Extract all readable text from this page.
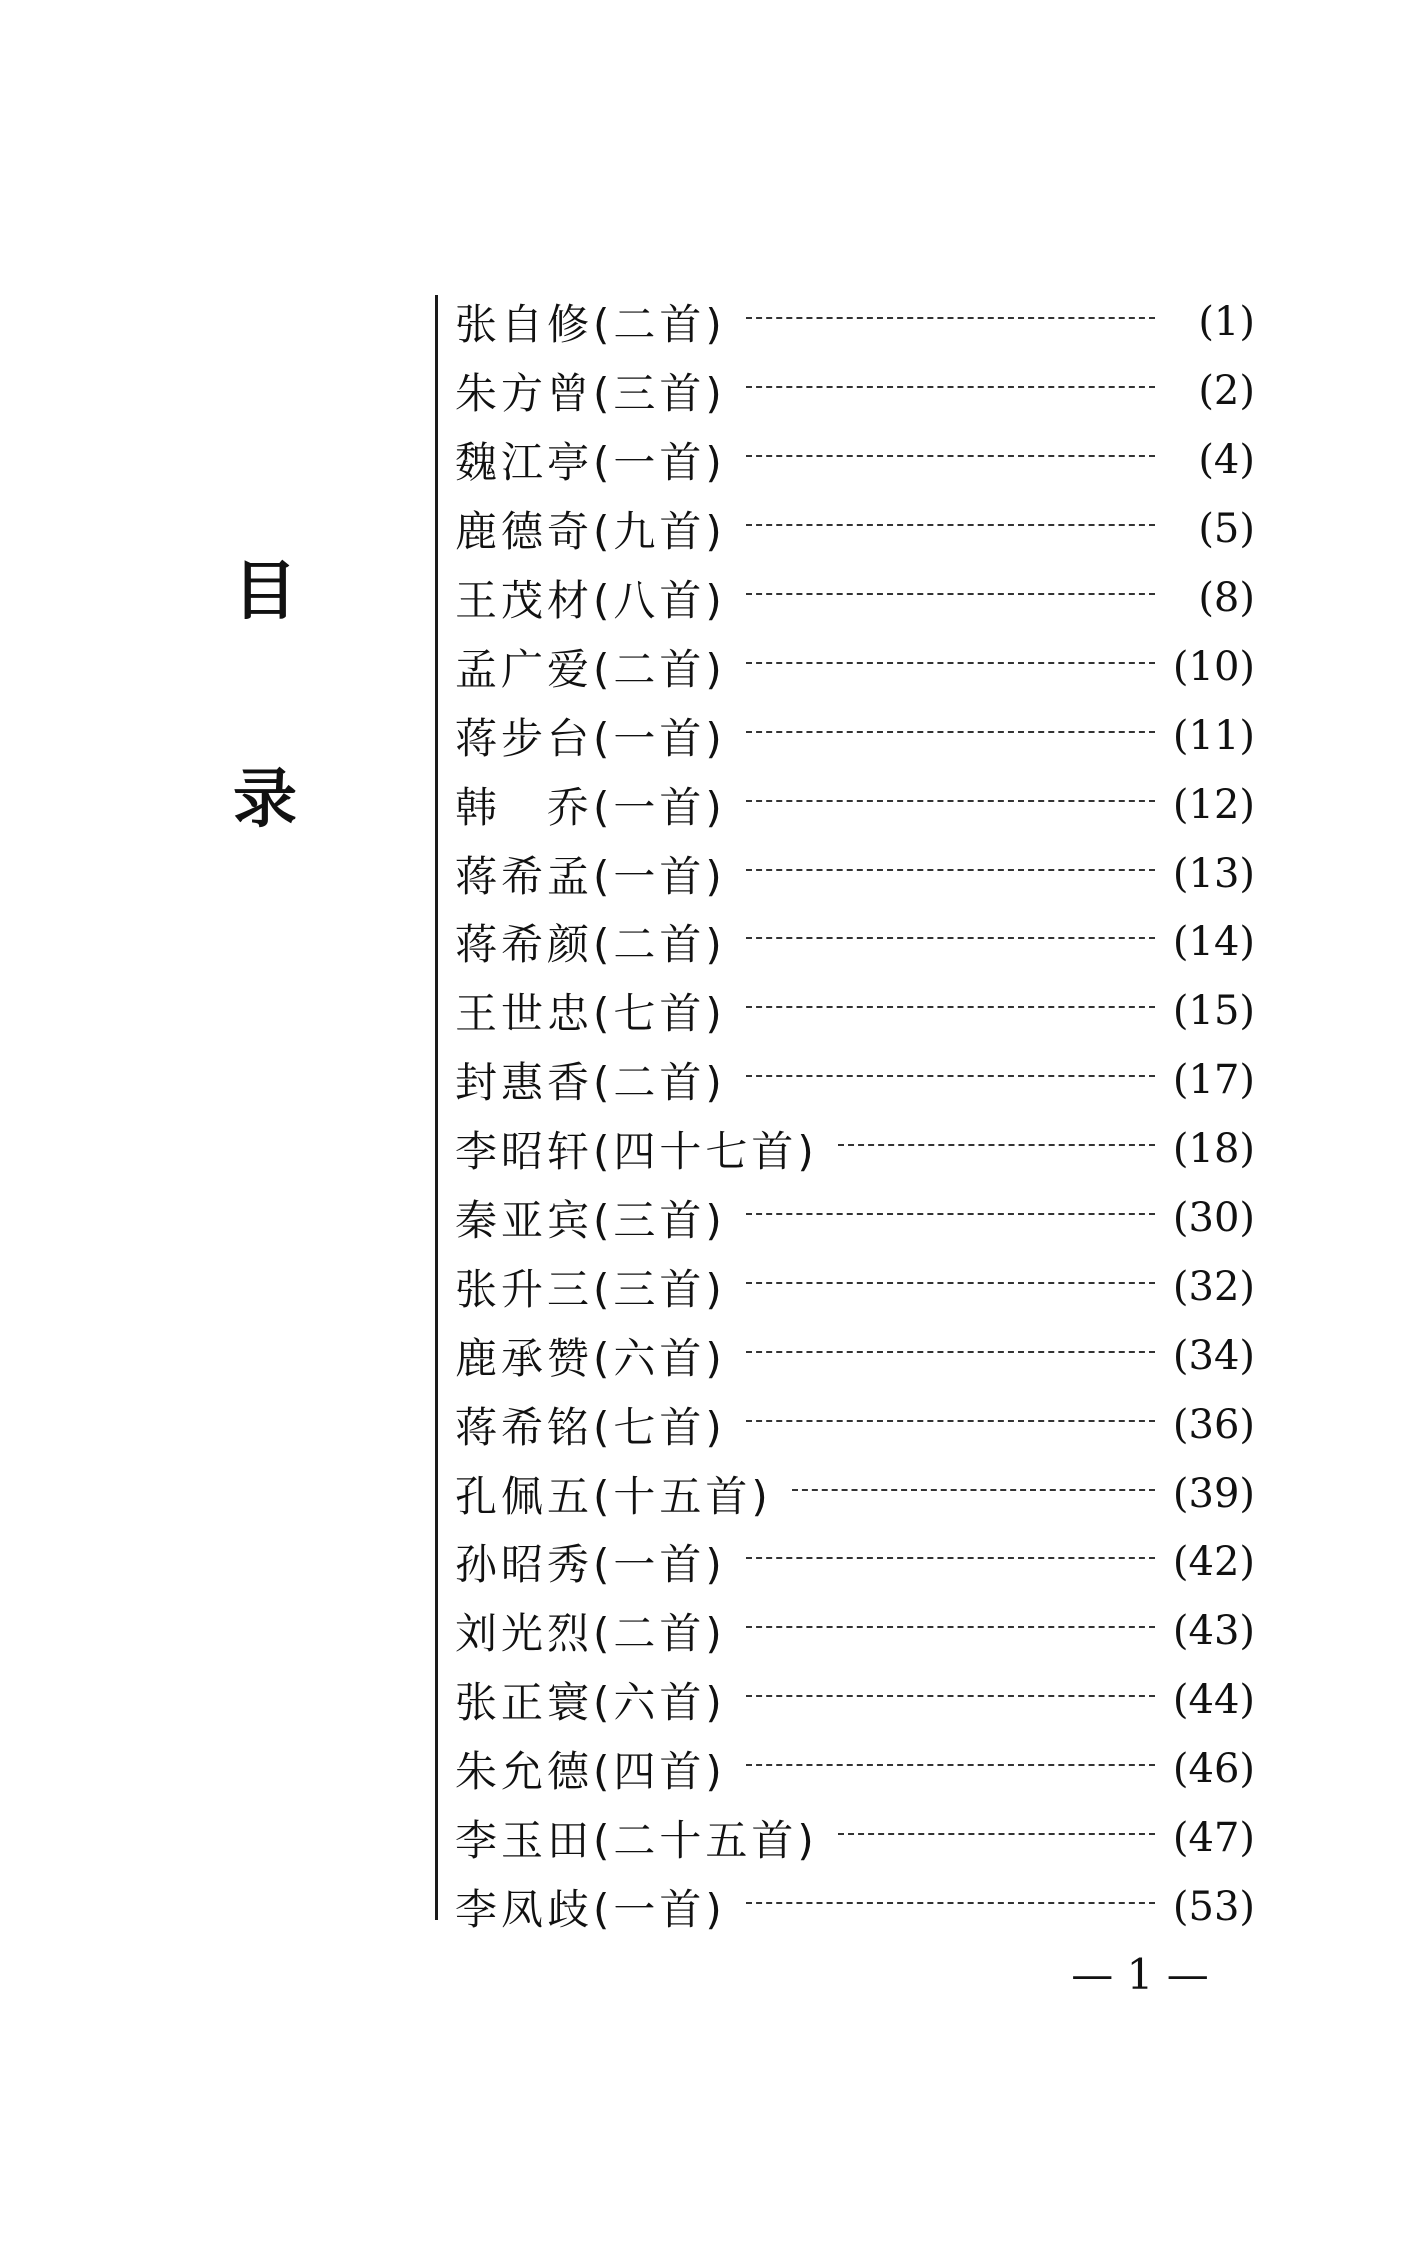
目
录
张自修(二首)	(1)
朱方曾(三首)	(2)
魏江亭(一首)	(4)
鹿德奇(九首)	(5)
王茂材(八首)	(8)
孟广爱(二首)	(10)
蒋步台(一首)	(11)
韩　乔(一首)	(12)
蒋希孟(一首)	(13)
蒋希颜(二首)	(14)
王世忠(七首)	(15)
封惠香(二首)	(17)
李昭轩(四十七首)	(18)
秦亚宾(三首)	(30)
张升三(三首)	(32)
鹿承赞(六首)	(34)
蒋希铭(七首)	(36)
孔佩五(十五首)	(39)
孙昭秀(一首)	(42)
刘光烈(二首)	(43)
张正寰(六首)	(44)
朱允德(四首)	(46)
李玉田(二十五首)	(47)
李凤歧(一首)	(53)
— 1 —
